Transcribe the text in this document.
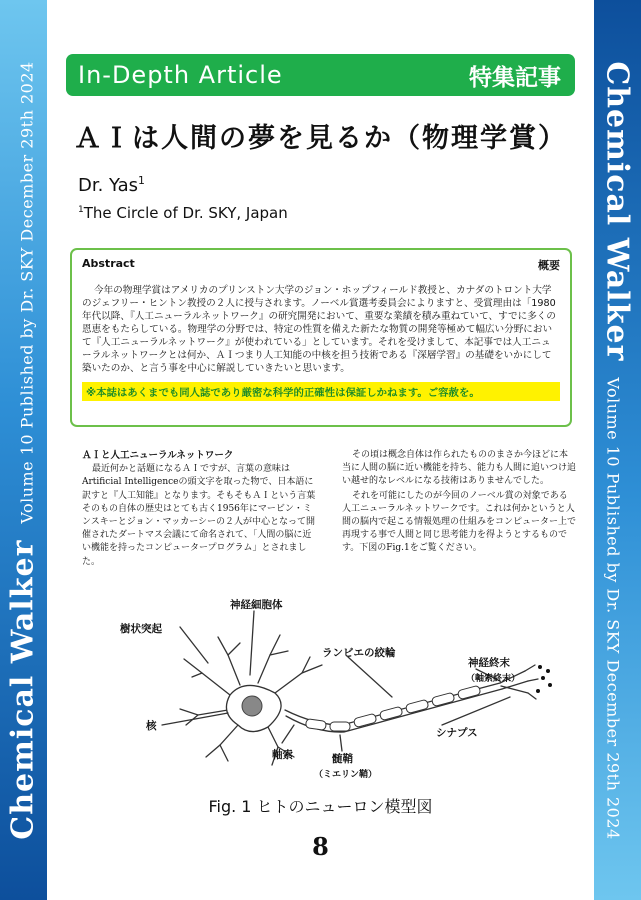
Chemical Walker
Volume 10 Published by Dr. SKY December 29th 2024	Chemical Walker
Volume 10 Published by Dr. SKY December 29th 2024
In-Depth Article	特集記事
ＡＩは人間の夢を見るか（物理学賞）
Dr. Yas$^1$
$^1$The Circle of Dr. SKY, Japan
Abstract	概要

今年の物理学賞はアメリカのプリンストン大学のジョン・ホップフィールド教授と、カナダのトロント大学のジェフリー・ヒントン教授の２人に授与されます。ノーベル賞選考委員会によりますと、受賞理由は「1980年代以降、『人工ニューラルネットワーク』の研究開発において、重要な業績を積み重ねていて、すでに多くの恩恵をもたらしている。物理学の分野では、特定の性質を備えた新たな物質の開発等極めて幅広い分野において『人工ニューラルネットワーク』が使われている」としています。それを受けまして、本記事では人工ニューラルネットワークとは何か、ＡＩつまり人工知能の中核を担う技術である『深層学習』の基礎をいかにして築いたのか、と言う事を中心に解説していきたいと思います。

※本誌はあくまでも同人誌であり厳密な科学的正確性は保証しかねます。ご容赦を。
ＡＩと人工ニューラルネットワーク

最近何かと話題になるＡＩですが、言葉の意味はArtificial Intelligenceの頭文字を取った物で、日本語に訳すと『人工知能』となります。そもそもＡＩという言葉そのもの自体の歴史はとても古く1956年にマービン・ミンスキーとジョン・マッカーシーの２人が中心となって開催されたダートマス会議にて命名されて、「人間の脳に近い機能を持ったコンピュータープログラム」とされました。

その頃は概念自体は作られたもののまさか今ほどに本当に人間の脳に近い機能を持ち、能力も人間に追いつけ追い越せ的なレベルになる技術はありませんでした。

それを可能にしたのが今回のノーベル賞の対象である人工ニューラルネットワークです。これは何かというと人間の脳内で起こる情報処理の仕組みをコンピューター上で再現する事で人間と同じ思考能力を得ようとするものです。下図のFig.1をご覧ください。

神経細胞体
樹状突起
ランビエの絞輪
神経終末
（軸索終末）
核
シナプス
軸索	髄鞘
（ミエリン鞘）
Fig. 1 ヒトのニューロン模型図
8
